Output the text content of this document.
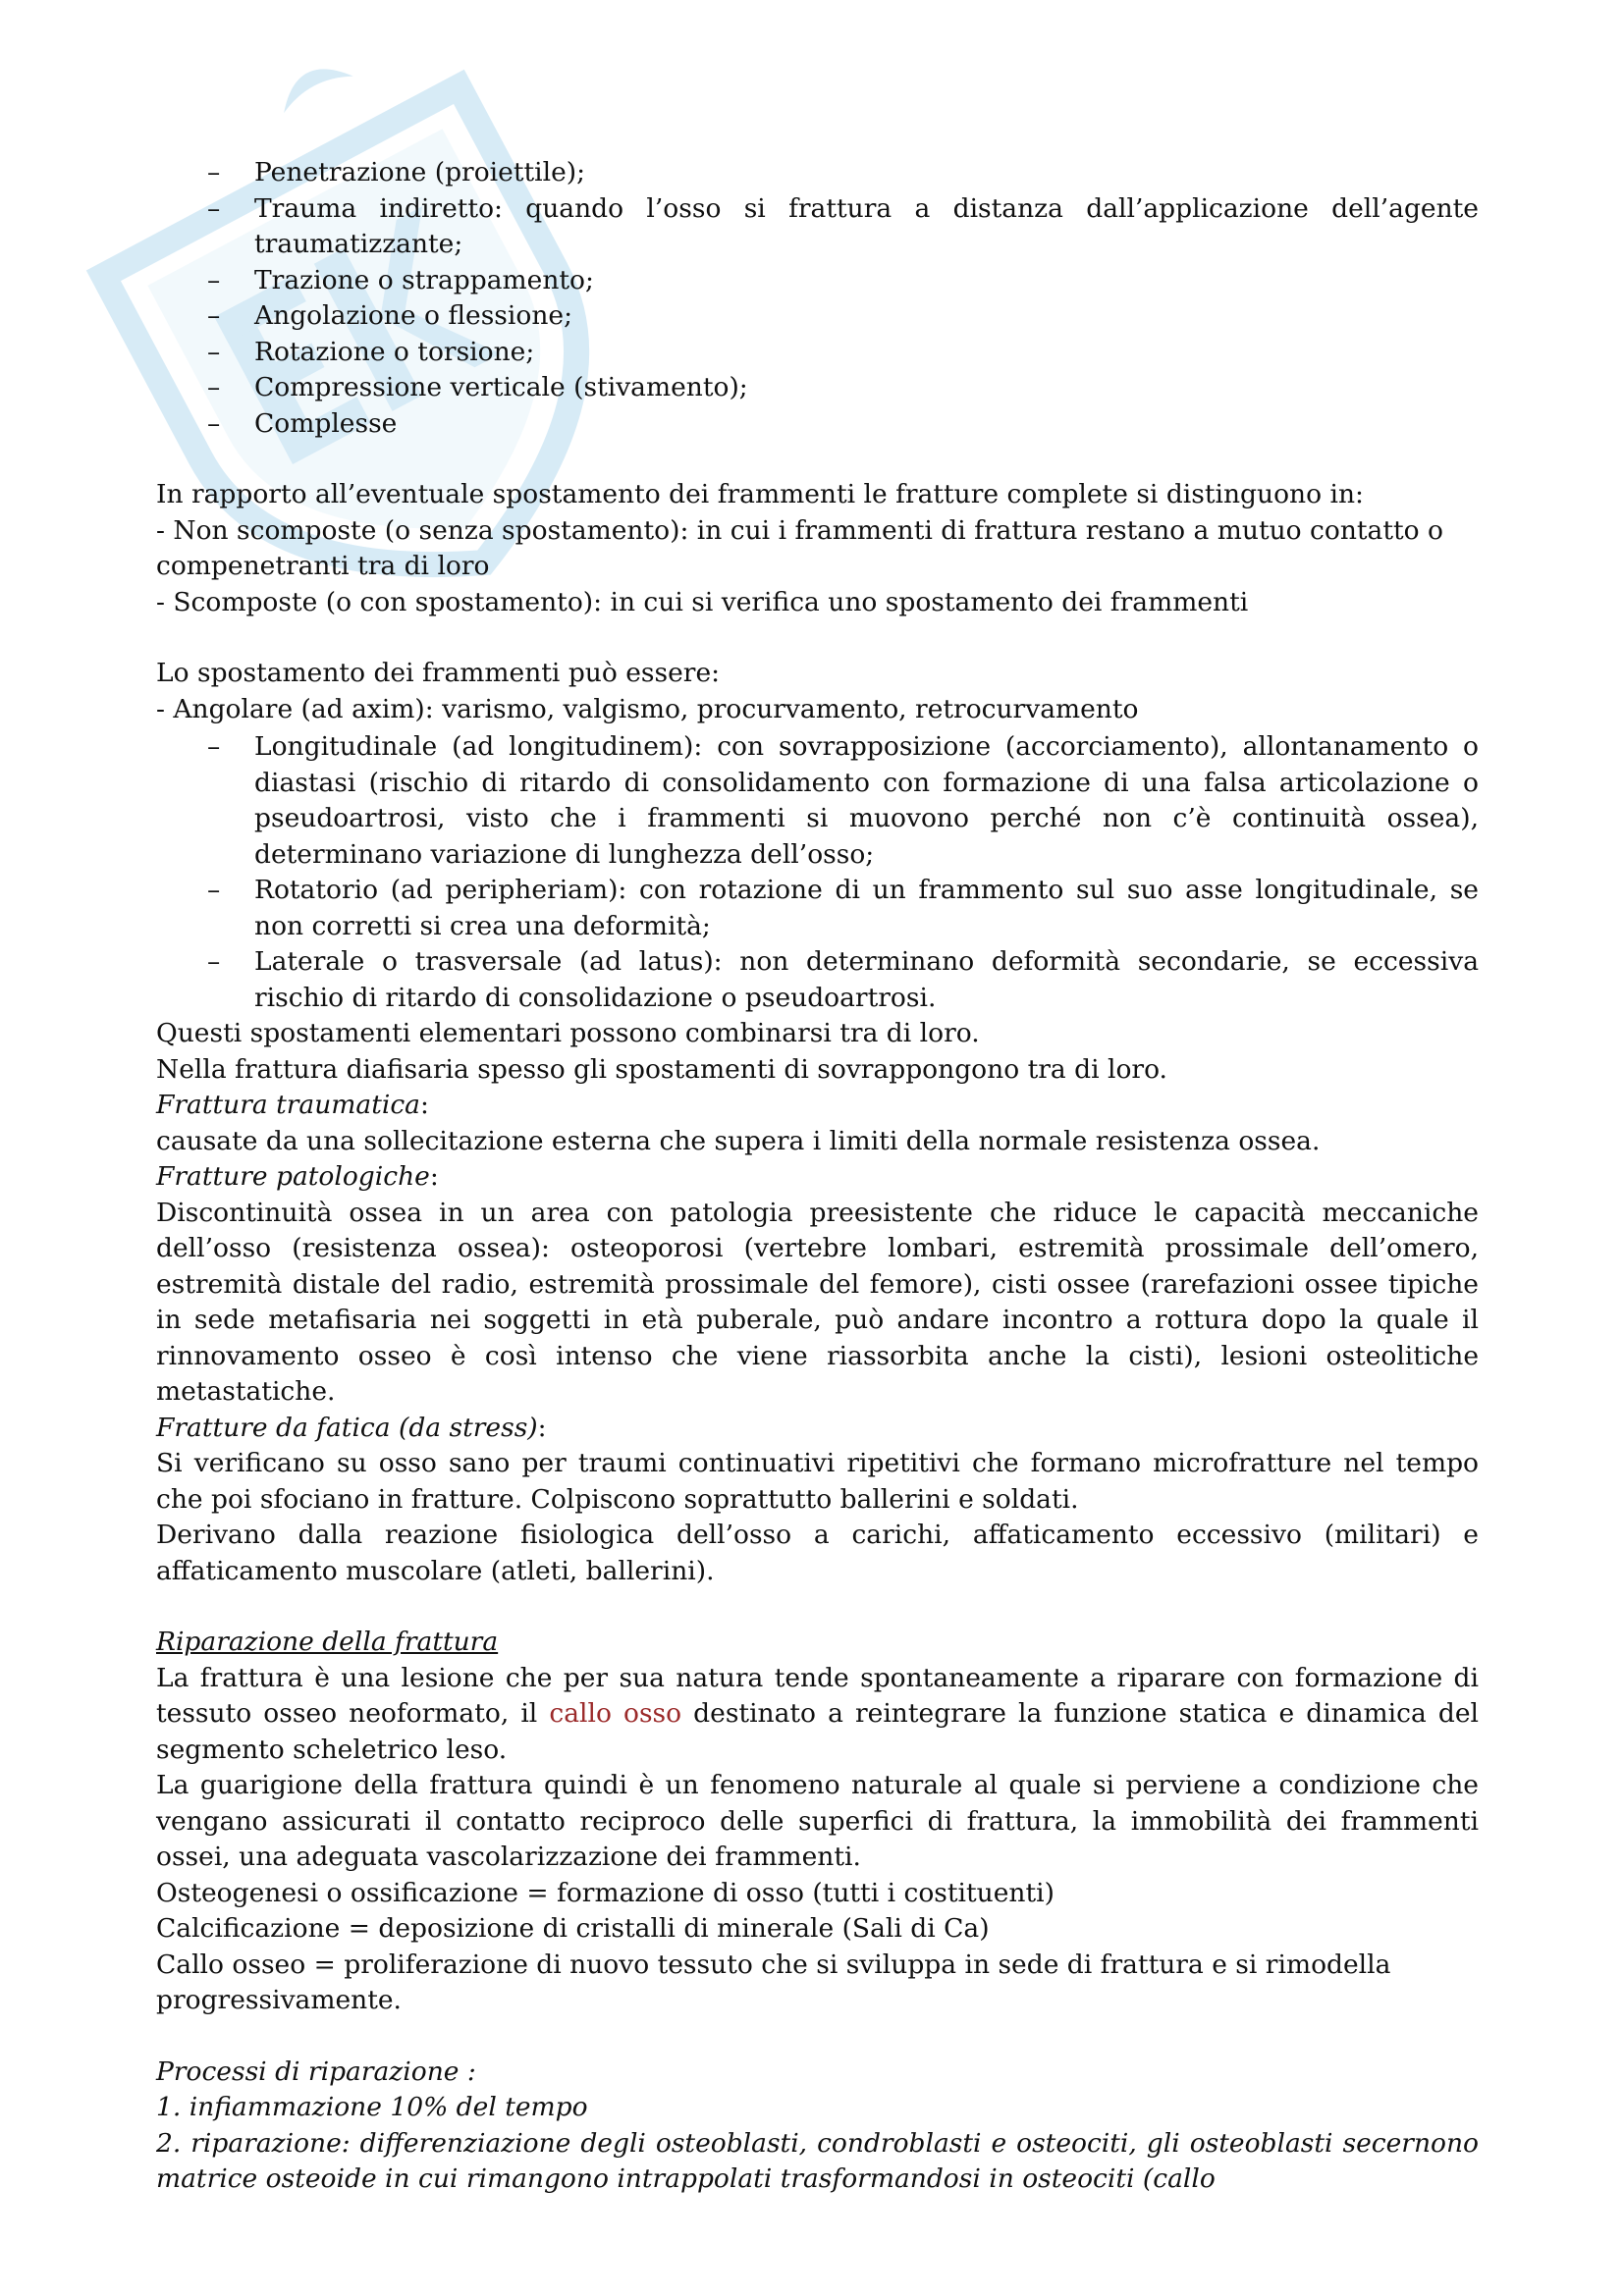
– Penetrazione (proiettile);
– Trauma indiretto: quando l’osso si frattura a distanza dall’applicazione dell’agente traumatizzante;
– Trazione o strappamento;
– Angolazione o flessione;
– Rotazione o torsione;
– Compressione verticale (stivamento);
– Complesse

In rapporto all’eventuale spostamento dei frammenti le fratture complete si distinguono in:

- Non scomposte (o senza spostamento): in cui i frammenti di frattura restano a mutuo contatto o compenetranti tra di loro

- Scomposte (o con spostamento): in cui si verifica uno spostamento dei frammenti

Lo spostamento dei frammenti può essere:

- Angolare (ad axim): varismo, valgismo, procurvamento, retrocurvamento

– Longitudinale (ad longitudinem): con sovrapposizione (accorciamento), allontanamento o diastasi (rischio di ritardo di consolidamento con formazione di una falsa articolazione o pseudoartrosi, visto che i frammenti si muovono perché non c’è continuità ossea), determinano variazione di lunghezza dell’osso;
– Rotatorio (ad peripheriam): con rotazione di un frammento sul suo asse longitudinale, se non corretti si crea una deformità;
– Laterale o trasversale (ad latus): non determinano deformità secondarie, se eccessiva rischio di ritardo di consolidazione o pseudoartrosi.

Questi spostamenti elementari possono combinarsi tra di loro.

Nella frattura diafisaria spesso gli spostamenti di sovrappongono tra di loro.

Frattura traumatica:

causate da una sollecitazione esterna che supera i limiti della normale resistenza ossea.

Fratture patologiche:

Discontinuità ossea in un area con patologia preesistente che riduce le capacità meccaniche dell’osso (resistenza ossea): osteoporosi (vertebre lombari, estremità prossimale dell’omero, estremità distale del radio, estremità prossimale del femore), cisti ossee (rarefazioni ossee tipiche in sede metafisaria nei soggetti in età puberale, può andare incontro a rottura dopo la quale il rinnovamento osseo è così intenso che viene riassorbita anche la cisti), lesioni osteolitiche metastatiche.

Fratture da fatica (da stress):

Si verificano su osso sano per traumi continuativi ripetitivi che formano microfratture nel tempo che poi sfociano in fratture. Colpiscono soprattutto ballerini e soldati.

Derivano dalla reazione fisiologica dell’osso a carichi, affaticamento eccessivo (militari) e affaticamento muscolare (atleti, ballerini).

Riparazione della frattura

La frattura è una lesione che per sua natura tende spontaneamente a riparare con formazione di tessuto osseo neoformato, il callo osso destinato a reintegrare la funzione statica e dinamica del segmento scheletrico leso.

La guarigione della frattura quindi è un fenomeno naturale al quale si perviene a condizione che vengano assicurati il contatto reciproco delle superfici di frattura, la immobilità dei frammenti ossei, una adeguata vascolarizzazione dei frammenti.

Osteogenesi o ossificazione = formazione di osso (tutti i costituenti)

Calcificazione = deposizione di cristalli di minerale (Sali di Ca)

Callo osseo = proliferazione di nuovo tessuto che si sviluppa in sede di frattura e si rimodella progressivamente.

Processi di riparazione :

1. infiammazione 10% del tempo

2. riparazione: differenziazione degli osteoblasti, condroblasti e osteociti, gli osteoblasti secernono matrice osteoide in cui rimangono intrappolati trasformandosi in osteociti (callo
